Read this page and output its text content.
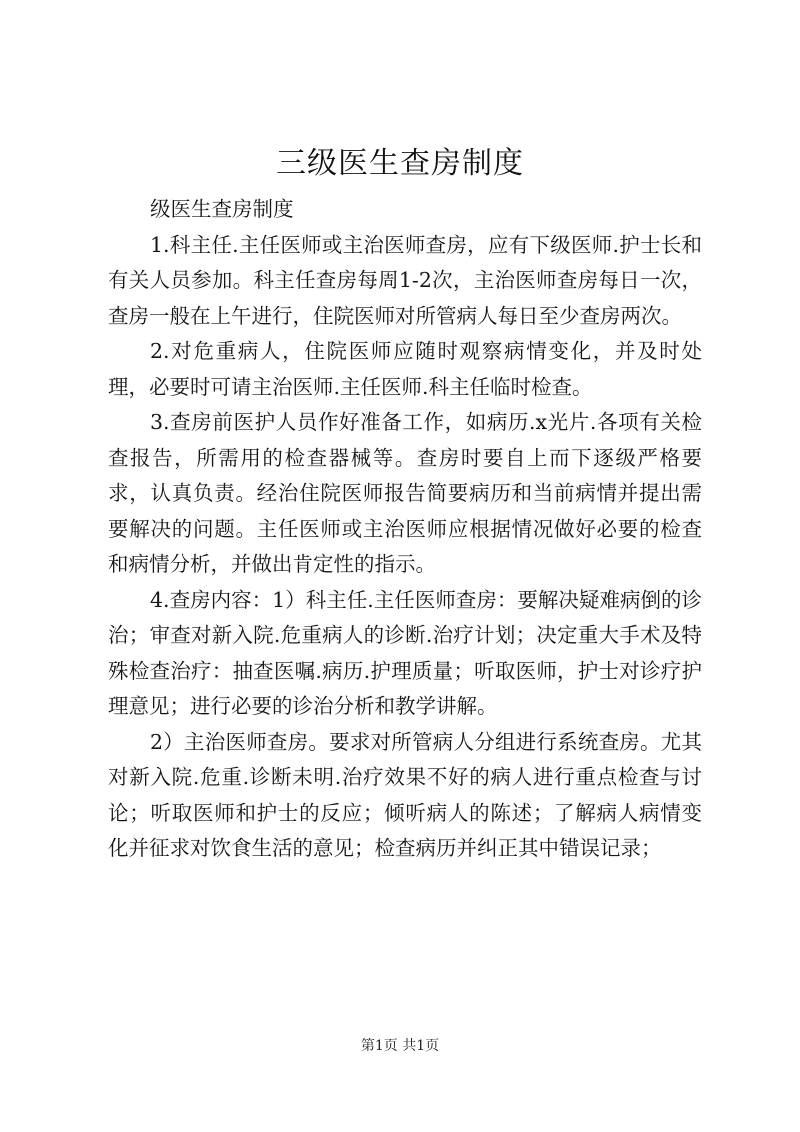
三级医生查房制度

级医生查房制度

1.科主任.主任医师或主治医师查房，应有下级医师.护士长和有关人员参加。科主任查房每周1-2次，主治医师查房每日一次，查房一般在上午进行，住院医师对所管病人每日至少查房两次。

2.对危重病人，住院医师应随时观察病情变化，并及时处理，必要时可请主治医师.主任医师.科主任临时检查。

3.查房前医护人员作好准备工作，如病历.x光片.各项有关检查报告，所需用的检查器械等。查房时要自上而下逐级严格要求，认真负责。经治住院医师报告简要病历和当前病情并提出需要解决的问题。主任医师或主治医师应根据情况做好必要的检查和病情分析，并做出肯定性的指示。

4.查房内容：1）科主任.主任医师查房：要解决疑难病倒的诊治；审查对新入院.危重病人的诊断.治疗计划；决定重大手术及特殊检查治疗：抽查医嘱.病历.护理质量；听取医师，护士对诊疗护理意见；进行必要的诊治分析和教学讲解。

2）主治医师查房。要求对所管病人分组进行系统查房。尤其对新入院.危重.诊断未明.治疗效果不好的病人进行重点检查与讨论；听取医师和护士的反应；倾听病人的陈述；了解病人病情变化并征求对饮食生活的意见；检查病历并纠正其中错误记录；

第1页 共1页
